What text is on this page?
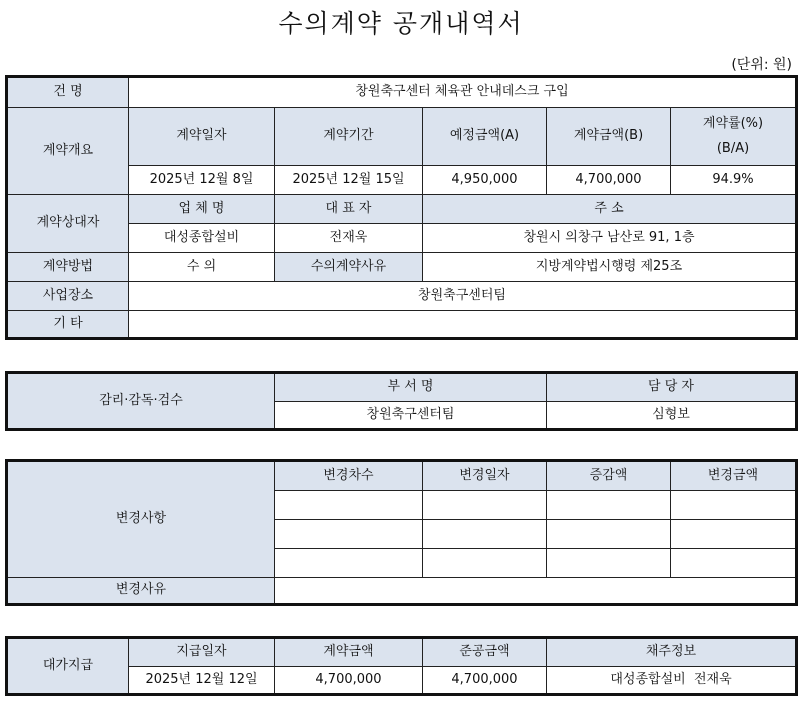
수의계약 공개내역서
(단위: 원)
건 명	창원축구센터 체육관 안내데스크 구입				
계약개요	계약일자	계약기간	예정금액(A)	계약금액(B)	계약률(%)
(B/A)

	2025년 12월 8일	2025년 12월 15일	4,950,000	4,700,000	94.9%
계약상대자	업 체 명	대 표 자	주 소		
	대성종합설비	전재욱	창원시 의창구 남산로 91, 1층		
계약방법	수 의	수의계약사유	지방계약법시행령 제25조		
사업장소	창원축구센터팀				
기 타					
감리·감독·검수	부 서 명	담 당 자
	창원축구센터팀	심형보
변경사항	변경차수	변경일자	증감액	변경금액

변경사유				
대가지급	지급일자	계약금액	준공금액	채주정보
	2025년 12월 12일	4,700,000	4,700,000	대성종합설비  전재욱
